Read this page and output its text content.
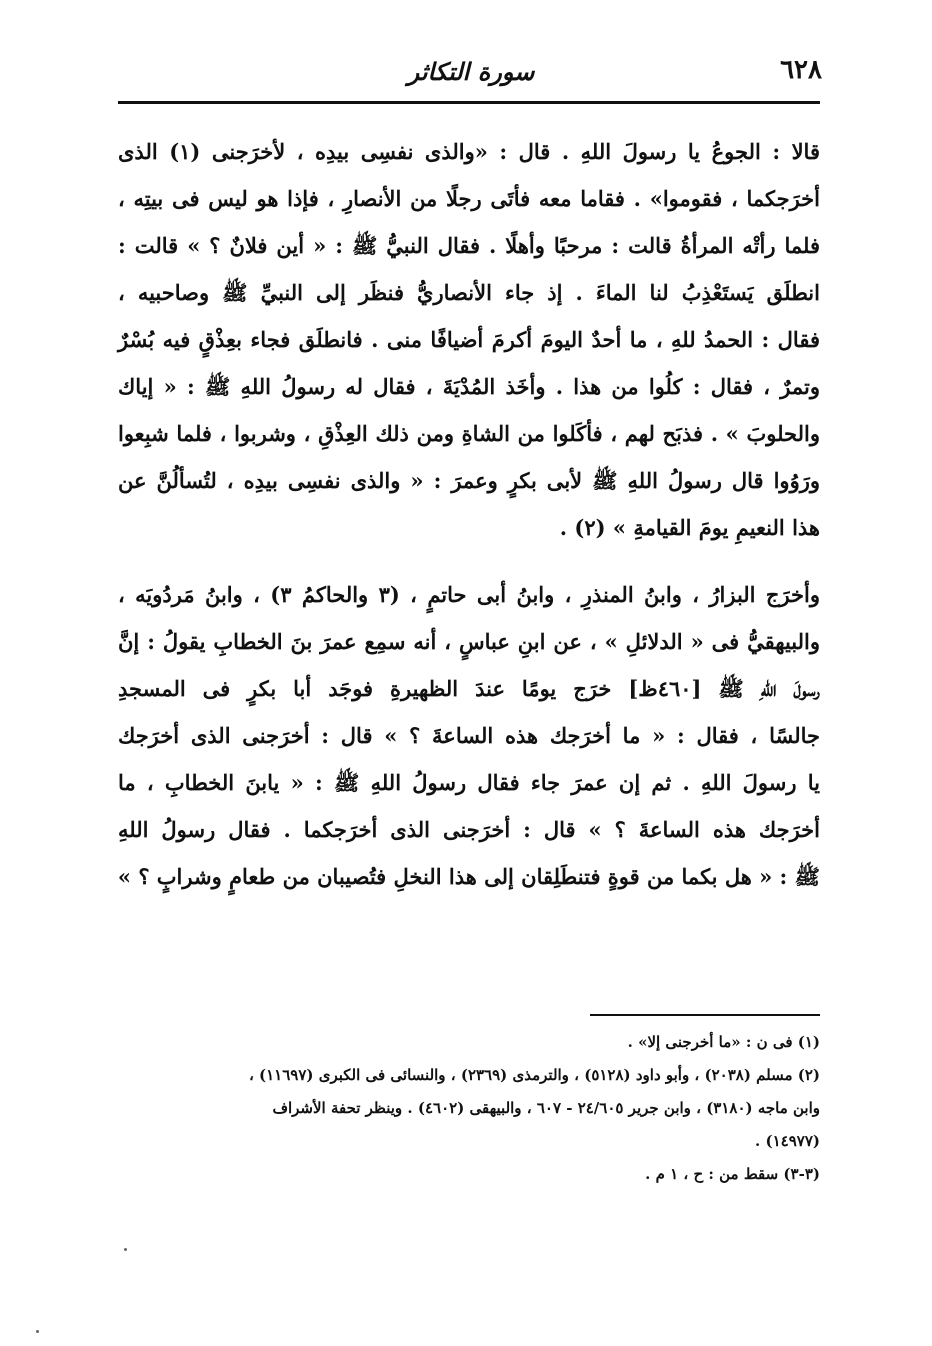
٦٢٨
سورة التكاثر
قالا : الجوعُ يا رسولَ اللهِ . قال : «والذى نفسِى بيدِه ، لأخرَجنى (١) الذى
أخرَجكما ، فقوموا» . فقاما معه فأتَى رجلًا من الأنصارِ ، فإذا هو ليس فى بيتِه ،
فلما رأتْه المرأةُ قالت : مرحبًا وأهلًا . فقال النبيُّ ﷺ : « أين فلانٌ ؟ » قالت :
انطلَق يَستَعْذِبُ لنا الماءَ . إذ جاء الأنصاريُّ فنظَر إلى النبيِّ ﷺ وصاحبيه ،
فقال : الحمدُ للهِ ، ما أحدٌ اليومَ أكرمَ أضيافًا منى . فانطلَق فجاء بعِذْقٍ فيه بُسْرٌ
وتمرٌ ، فقال : كلُوا من هذا . وأخَذ المُدْيَةَ ، فقال له رسولُ اللهِ ﷺ : « إياك
والحلوبَ » . فذبَح لهم ، فأكَلوا من الشاةِ ومن ذلك العِذْقِ ، وشربوا ، فلما شبِعوا
ورَوُوا قال رسولُ اللهِ ﷺ لأبى بكرٍ وعمرَ : « والذى نفسِى بيدِه ، لتُسألُنَّ عن
هذا النعيمِ يومَ القيامةِ » (٢) .
وأخرَج البزارُ ، وابنُ المنذرِ ، وابنُ أبى حاتمٍ ، (٣ والحاكمُ ٣) ، وابنُ مَردُويَه ،
والبيهقيُّ فى « الدلائلِ » ، عن ابنِ عباسٍ ، أنه سمِع عمرَ بنَ الخطابِ يقولُ : إنَّ
رسولَ اللهِ ﷺ [٤٦٠ظ] خرَج يومًا عندَ الظهيرةِ فوجَد أبا بكرٍ فى المسجدِ
جالسًا ، فقال : « ما أخرَجك هذه الساعةَ ؟ » قال : أخرَجنى الذى أخرَجك
يا رسولَ اللهِ . ثم إن عمرَ جاء فقال رسولُ اللهِ ﷺ : « يابنَ الخطابِ ، ما
أخرَجك هذه الساعةَ ؟ » قال : أخرَجنى الذى أخرَجكما . فقال رسولُ اللهِ
ﷺ : « هل بكما من قوةٍ فتنطَلِقان إلى هذا النخلِ فتُصيبان من طعامٍ وشرابٍ ؟ »
(١) فى ن : «ما أخرجنى إلا» .
(٢) مسلم (٢٠٣٨) ، وأبو داود (٥١٢٨) ، والترمذى (٢٣٦٩) ، والنسائى فى الكبرى (١١٦٩٧) ،
وابن ماجه (٣١٨٠) ، وابن جرير ٢٤/٦٠٥ - ٦٠٧ ، والبيهقى (٤٦٠٢) . وينظر تحفة الأشراف
(١٤٩٧٧) .
(٣-٣) سقط من : ح ، ١ م .
